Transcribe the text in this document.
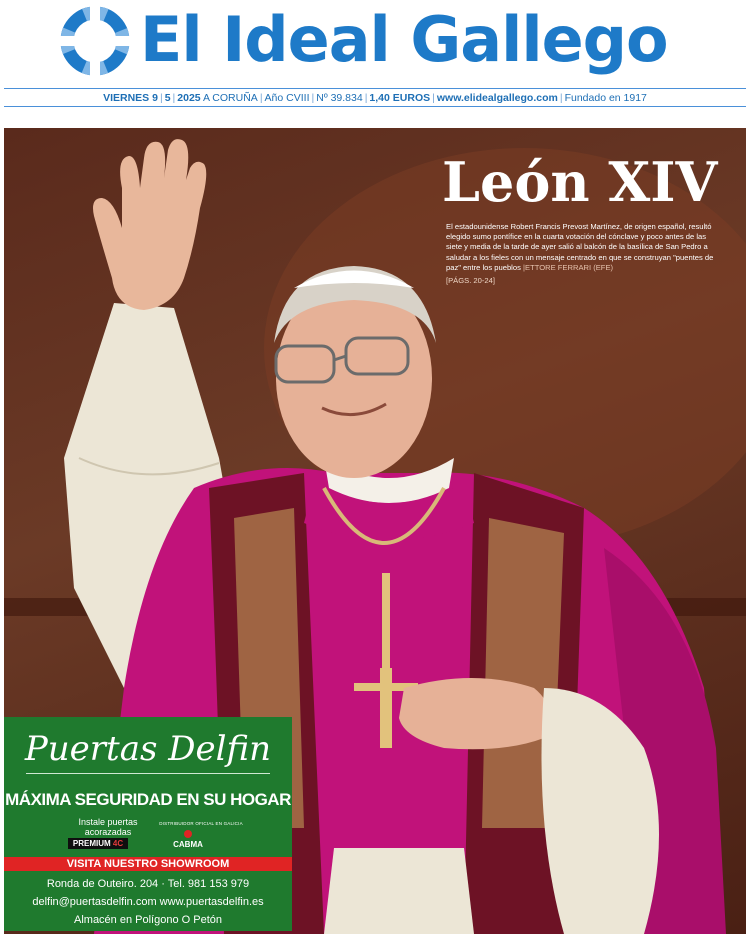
El Ideal Gallego
VIERNES 9 | 5 | 2025 A CORUÑA | Año CVIII | Nº 39.834 | 1,40 EUROS | www.elidealgallego.com | Fundado en 1917
León XIV

El estadounidense Robert Francis Prevost Martínez, de origen español, resultó elegido sumo pontífice en la cuarta votación del cónclave y poco antes de las siete y media de la tarde de ayer salió al balcón de la basílica de San Pedro a saludar a los fieles con un mensaje centrado en que se construyan "puentes de paz" entre los pueblos |ETTORE FERRARI (EFE)

[PÁGS. 20-24]
Puertas Delfin
MÁXIMA SEGURIDAD EN SU HOGAR
Instale puertas acorazadas
PREMIUM 4C
DISTRIBUIDOR OFICIAL EN GALICIA
CABMA
VISITA NUESTRO SHOWROOM
Ronda de Outeiro. 204 · Tel. 981 153 979
delfin@puertasdelfin.com www.puertasdelfin.es
Almacén en Polígono O Petón
